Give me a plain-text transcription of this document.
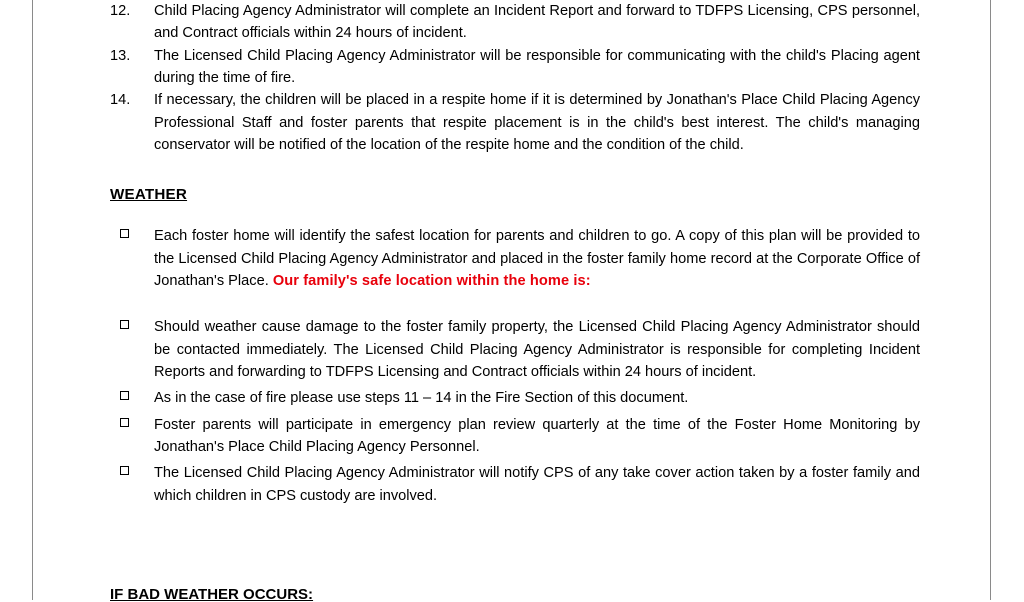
12.	Child Placing Agency Administrator will complete an Incident Report and forward to TDFPS Licensing, CPS personnel, and Contract officials within 24 hours of incident.
13.	The Licensed Child Placing Agency Administrator will be responsible for communicating with the child's Placing agent during the time of fire.
14.	If necessary, the children will be placed in a respite home if it is determined by Jonathan's Place Child Placing Agency Professional Staff and foster parents that respite placement is in the child's best interest. The child's managing conservator will be notified of the location of the respite home and the condition of the child.
WEATHER
Each foster home will identify the safest location for parents and children to go. A copy of this plan will be provided to the Licensed Child Placing Agency Administrator and placed in the foster family home record at the Corporate Office of Jonathan's Place. Our family's safe location within the home is:
Should weather cause damage to the foster family property, the Licensed Child Placing Agency Administrator should be contacted immediately. The Licensed Child Placing Agency Administrator is responsible for completing Incident Reports and forwarding to TDFPS Licensing and Contract officials within 24 hours of incident.
As in the case of fire please use steps 11 – 14 in the Fire Section of this document.
Foster parents will participate in emergency plan review quarterly at the time of the Foster Home Monitoring by Jonathan's Place Child Placing Agency Personnel.
The Licensed Child Placing Agency Administrator will notify CPS of any take cover action taken by a foster family and which children in CPS custody are involved.
IF BAD WEATHER OCCURS:
